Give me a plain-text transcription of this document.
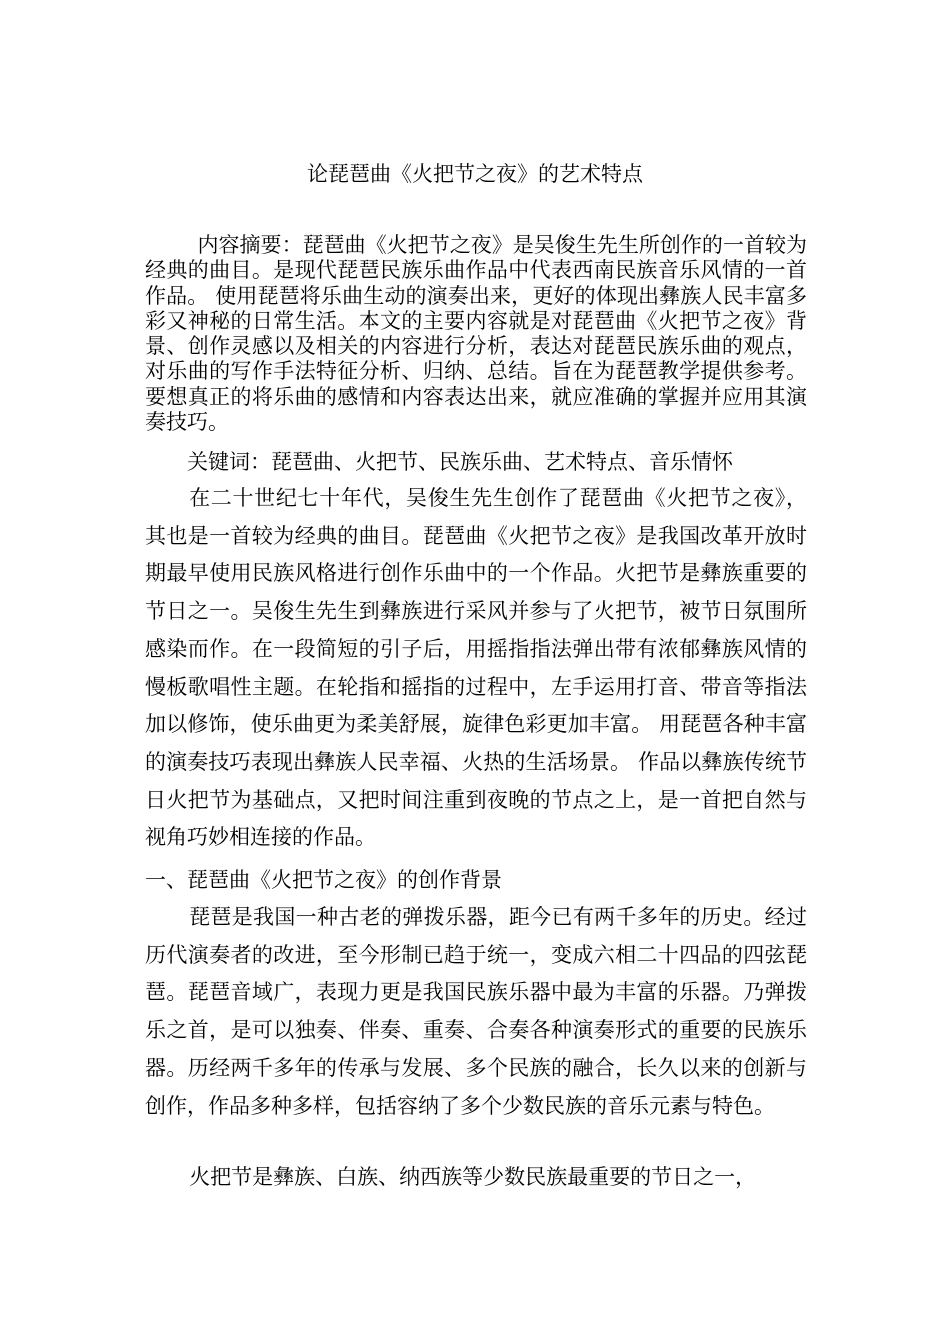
论琵琶曲《火把节之夜》的艺术特点

内容摘要：琵琶曲《火把节之夜》是吴俊生先生所创作的一首较为经典的曲目。是现代琵琶民族乐曲作品中代表西南民族音乐风情的一首作品。 使用琵琶将乐曲生动的演奏出来，更好的体现出彝族人民丰富多彩又神秘的日常生活。本文的主要内容就是对琵琶曲《火把节之夜》背景、创作灵感以及相关的内容进行分析，表达对琵琶民族乐曲的观点，对乐曲的写作手法特征分析、归纳、总结。旨在为琵琶教学提供参考。要想真正的将乐曲的感情和内容表达出来，就应准确的掌握并应用其演奏技巧。

关键词：琵琶曲、火把节、民族乐曲、艺术特点、音乐情怀

在二十世纪七十年代，吴俊生先生创作了琵琶曲《火把节之夜》，其也是一首较为经典的曲目。琵琶曲《火把节之夜》是我国改革开放时期最早使用民族风格进行创作乐曲中的一个作品。火把节是彝族重要的节日之一。吴俊生先生到彝族进行采风并参与了火把节，被节日氛围所感染而作。在一段简短的引子后，用摇指指法弹出带有浓郁彝族风情的慢板歌唱性主题。在轮指和摇指的过程中，左手运用打音、带音等指法加以修饰，使乐曲更为柔美舒展，旋律色彩更加丰富。 用琵琶各种丰富的演奏技巧表现出彝族人民幸福、火热的生活场景。 作品以彝族传统节日火把节为基础点，又把时间注重到夜晚的节点之上，是一首把自然与视角巧妙相连接的作品。

一、琵琶曲《火把节之夜》的创作背景

琵琶是我国一种古老的弹拨乐器，距今已有两千多年的历史。经过历代演奏者的改进，至今形制已趋于统一，变成六相二十四品的四弦琵琶。琵琶音域广，表现力更是我国民族乐器中最为丰富的乐器。乃弹拨乐之首，是可以独奏、伴奏、重奏、合奏各种演奏形式的重要的民族乐器。历经两千多年的传承与发展、多个民族的融合，长久以来的创新与创作，作品多种多样，包括容纳了多个少数民族的音乐元素与特色。

火把节是彝族、白族、纳西族等少数民族最重要的节日之一，
